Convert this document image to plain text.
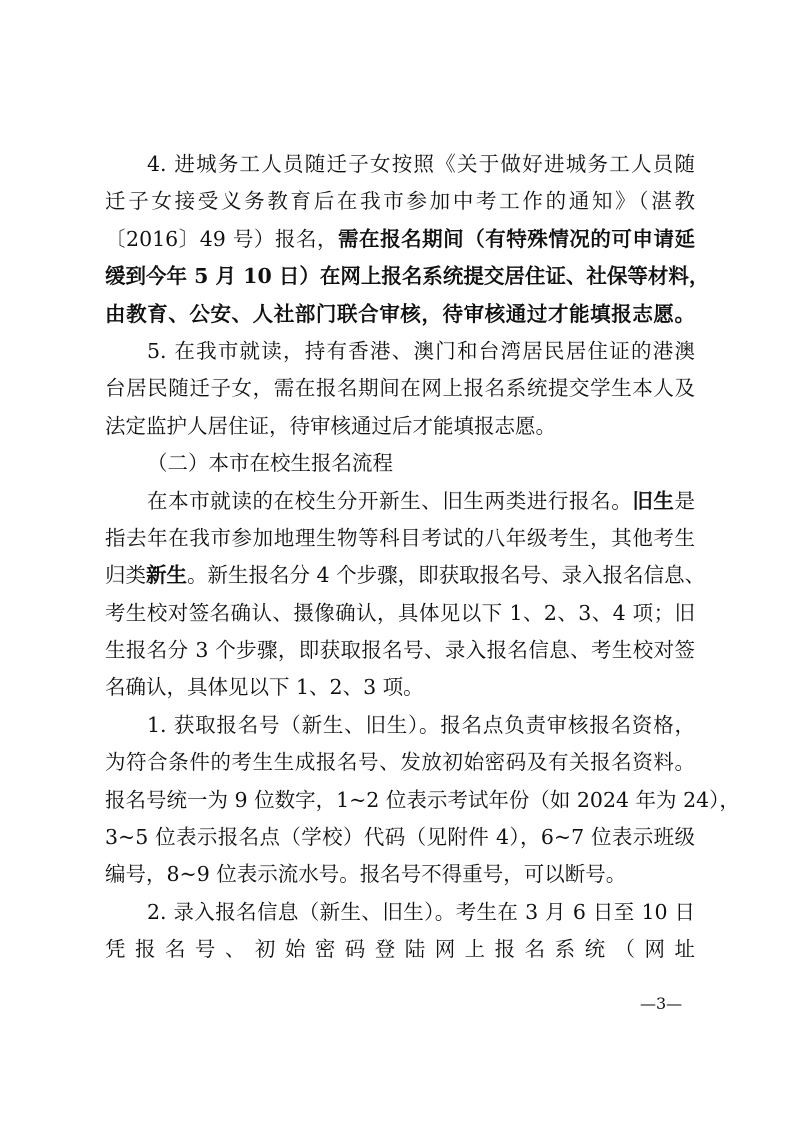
4. 进城务工人员随迁子女按照《关于做好进城务工人员随
迁子女接受义务教育后在我市参加中考工作的通知》（湛教
〔2016〕49 号）报名，需在报名期间（有特殊情况的可申请延
缓到今年 5 月 10 日）在网上报名系统提交居住证、社保等材料，
由教育、公安、人社部门联合审核，待审核通过才能填报志愿。
5. 在我市就读，持有香港、澳门和台湾居民居住证的港澳
台居民随迁子女，需在报名期间在网上报名系统提交学生本人及
法定监护人居住证，待审核通过后才能填报志愿。
（二）本市在校生报名流程
在本市就读的在校生分开新生、旧生两类进行报名。旧生是
指去年在我市参加地理生物等科目考试的八年级考生，其他考生
归类新生。新生报名分 4 个步骤，即获取报名号、录入报名信息、
考生校对签名确认、摄像确认，具体见以下 1、2、3、4 项；旧
生报名分 3 个步骤，即获取报名号、录入报名信息、考生校对签
名确认，具体见以下 1、2、3 项。
1. 获取报名号（新生、旧生）。报名点负责审核报名资格，
为符合条件的考生生成报名号、发放初始密码及有关报名资料。
报名号统一为 9 位数字，1~2 位表示考试年份（如 2024 年为 24），
3~5 位表示报名点（学校）代码（见附件 4），6~7 位表示班级
编号，8~9 位表示流水号。报名号不得重号，可以断号。
2. 录入报名信息（新生、旧生）。考生在 3 月 6 日至 10 日
凭报名号、初始密码登陆网上报名系统（网址
—3—
